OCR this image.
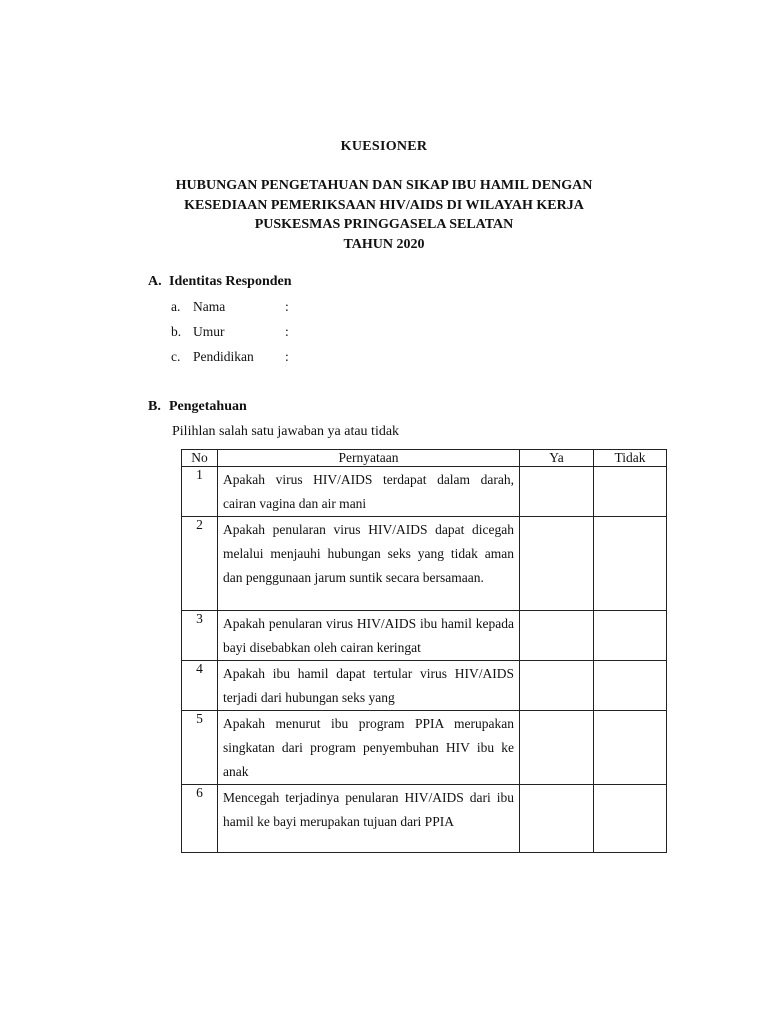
KUESIONER
HUBUNGAN PENGETAHUAN DAN SIKAP IBU HAMIL DENGAN
KESEDIAAN PEMERIKSAAN HIV/AIDS DI WILAYAH KERJA
PUSKESMAS PRINGGASELA SELATAN
TAHUN 2020
A. Identitas Responden
a. Nama	:
b. Umur	:
c. Pendidikan :
B. Pengetahuan
Pilihlan salah satu jawaban ya atau tidak
No	Pernyataan	Ya	Tidak
1	Apakah virus HIV/AIDS terdapat dalam darah, cairan vagina dan air mani		
2	Apakah penularan virus HIV/AIDS dapat dicegah melalui menjauhi hubungan seks yang tidak aman dan penggunaan jarum suntik secara bersamaan.		
3	Apakah penularan virus HIV/AIDS ibu hamil kepada bayi disebabkan oleh cairan keringat		
4	Apakah ibu hamil dapat tertular virus HIV/AIDS terjadi dari hubungan seks yang		
5	Apakah menurut ibu program PPIA merupakan singkatan dari program penyembuhan HIV ibu ke anak		
6	Mencegah terjadinya penularan HIV/AIDS dari ibu hamil ke bayi merupakan tujuan dari PPIA		
